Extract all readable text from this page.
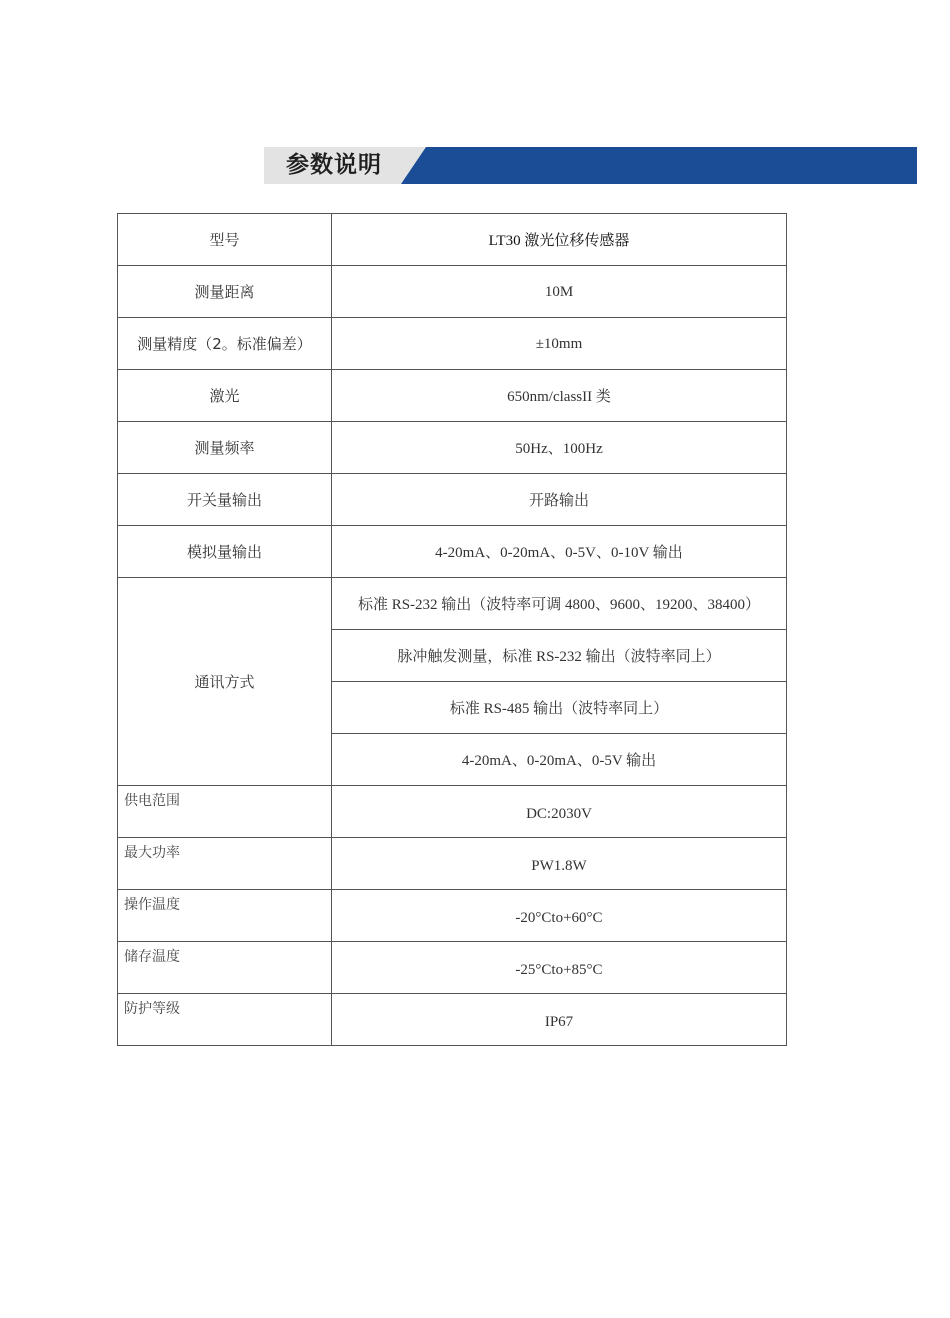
参数说明
型号	LT30 激光位移传感器
测量距离	10M
测量精度（2。标准偏差）	±10mm
激光	650nm/classII 类
测量频率	50Hz、100Hz
开关量输出	开路输出
模拟量输出	4-20mA、0-20mA、0-5V、0-10V 输出
通讯方式	标准 RS-232 输出（波特率可调 4800、9600、19200、38400）
	脉冲触发测量，标准 RS-232 输出（波特率同上）
	标准 RS-485 输出（波特率同上）
	4-20mA、0-20mA、0-5V 输出
供电范围	DC:2030V
最大功率	PW1.8W
操作温度	-20°Cto+60°C
储存温度	-25°Cto+85°C
防护等级	IP67
